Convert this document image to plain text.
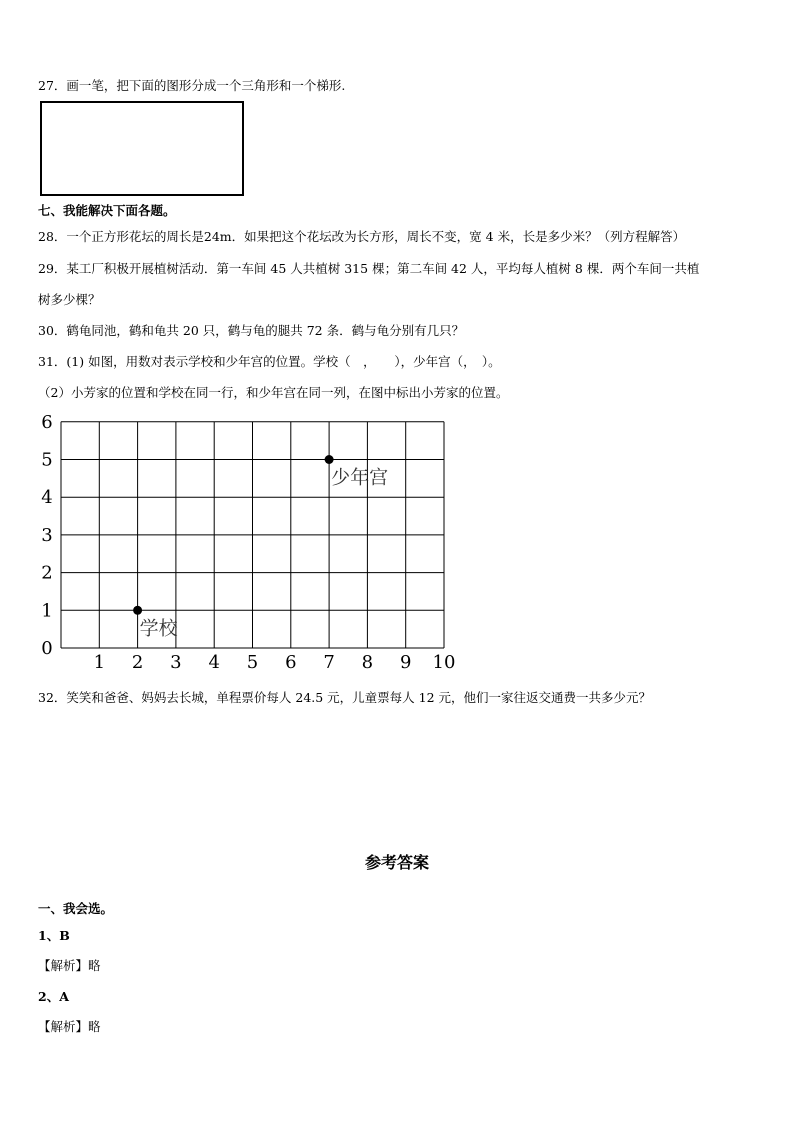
27．画一笔，把下面的图形分成一个三角形和一个梯形.
七、我能解决下面各题。
28．一个正方形花坛的周长是24m．如果把这个花坛改为长方形，周长不变，宽 4 米，长是多少米？（列方程解答）
29．某工厂积极开展植树活动．第一车间 45 人共植树 315 棵；第二车间 42 人，平均每人植树 8 棵．两个车间一共植
树多少棵？
30．鹤龟同池，鹤和龟共 20 只，鹤与龟的腿共 72 条．鹤与龟分别有几只？
31．(1) 如图，用数对表示学校和少年宫的位置。学校（　，　　），少年宫（，　）。
（2）小芳家的位置和学校在同一行，和少年宫在同一列，在图中标出小芳家的位置。
1 2 3 4 5 6 7 8 9 10
0
1
2
3
4
5
6
学校
少年宫
32．笑笑和爸爸、妈妈去长城，单程票价每人 24.5 元，儿童票每人 12 元，他们一家往返交通费一共多少元？
参考答案
一、我会选。
1、B
【解析】略
2、A
【解析】略
